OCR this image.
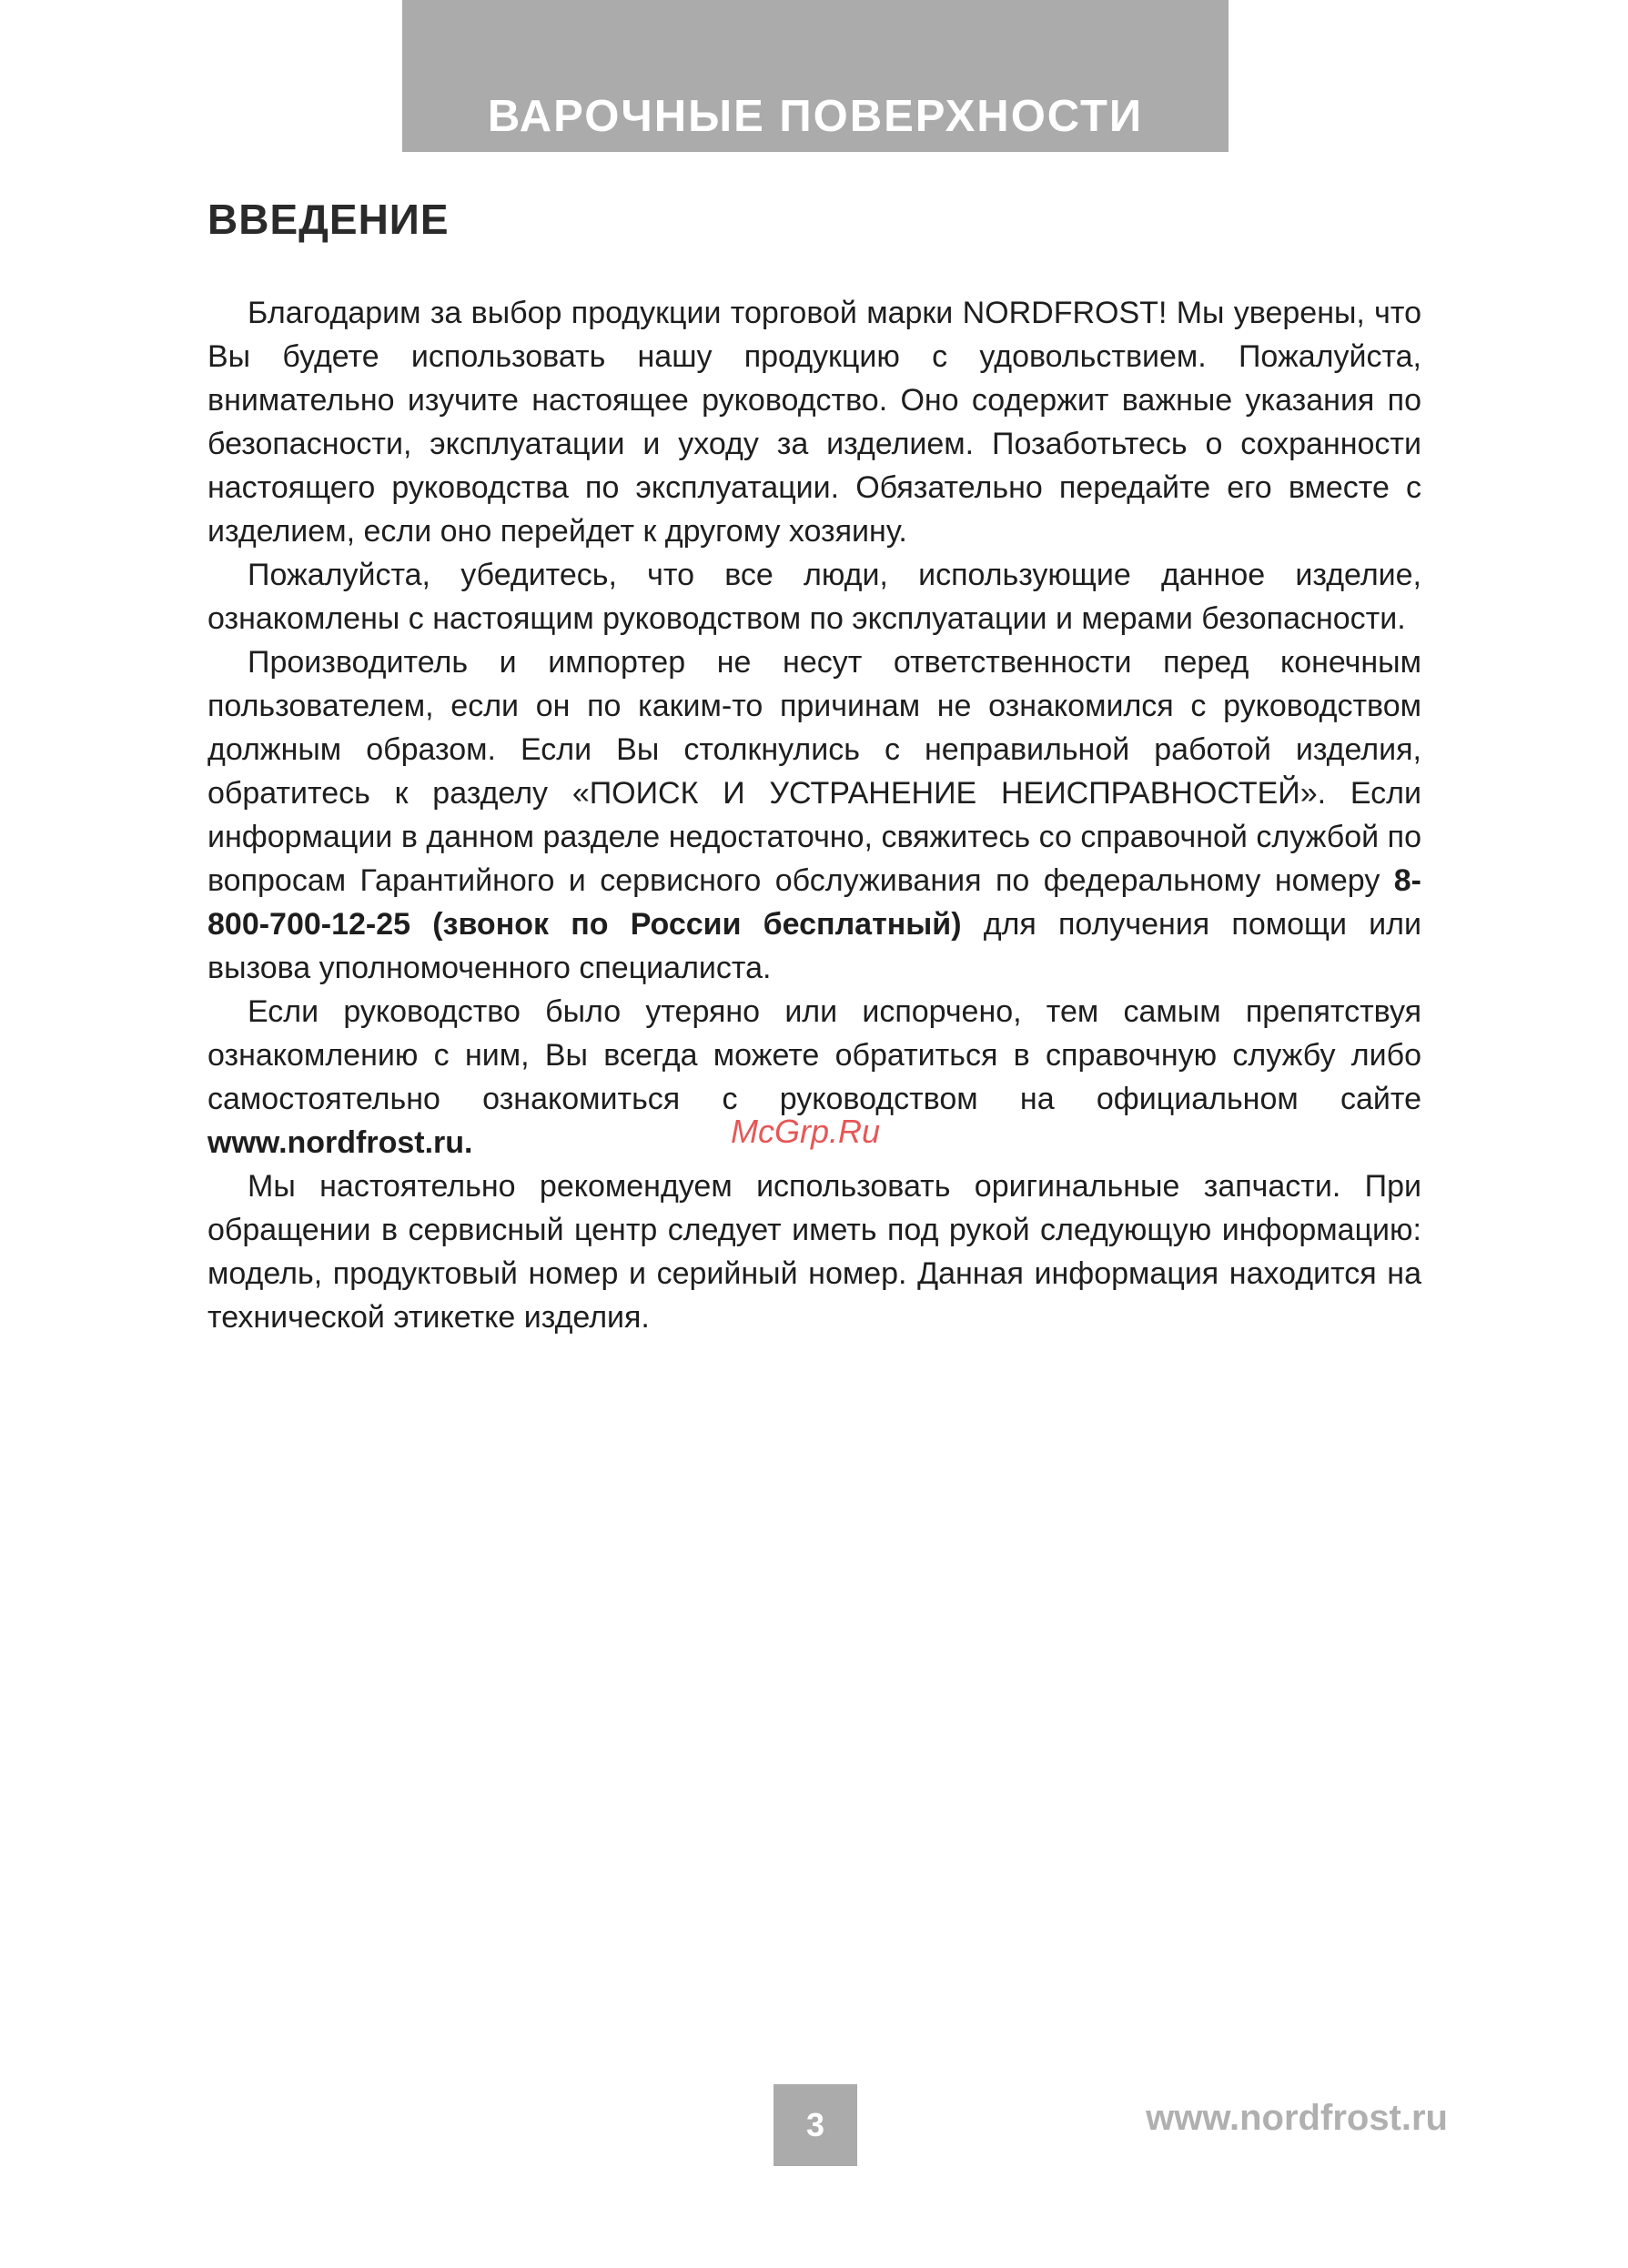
ВАРОЧНЫЕ ПОВЕРХНОСТИ
ВВЕДЕНИЕ

Благодарим за выбор продукции торговой марки NORDFROST! Мы уверены, что Вы будете использовать нашу продукцию с удовольствием. Пожалуйста, внимательно изучите настоящее руководство. Оно содержит важные указания по безопасности, эксплуатации и уходу за изделием. Позаботьтесь о сохранности настоящего руководства по эксплуатации. Обязательно передайте его вместе с изделием, если оно перейдет к другому хозяину.

Пожалуйста, убедитесь, что все люди, использующие данное изделие, ознакомлены с настоящим руководством по эксплуатации и мерами безопасности.

Производитель и импортер не несут ответственности перед конечным пользователем, если он по каким-то причинам не ознакомился с руководством должным образом. Если Вы столкнулись с неправильной работой изделия, обратитесь к разделу «ПОИСК И УСТРАНЕНИЕ НЕИСПРАВНОСТЕЙ». Если информации в данном разделе недостаточно, свяжитесь со справочной службой по вопросам Гарантийного и сервисного обслуживания по федеральному номеру 8-800-700-12-25 (звонок по России бесплатный) для получения помощи или вызова уполномоченного специалиста.

Если руководство было утеряно или испорчено, тем самым препятствуя ознакомлению с ним, Вы всегда можете обратиться в справочную службу либо самостоятельно ознакомиться с руководством на официальном сайте www.nordfrost.ru.

Мы настоятельно рекомендуем использовать оригинальные запчасти. При обращении в сервисный центр следует иметь под рукой следующую информацию: модель, продуктовый номер и серийный номер. Данная информация находится на технической этикетке изделия.

McGrp.Ru
3	www.nordfrost.ru
